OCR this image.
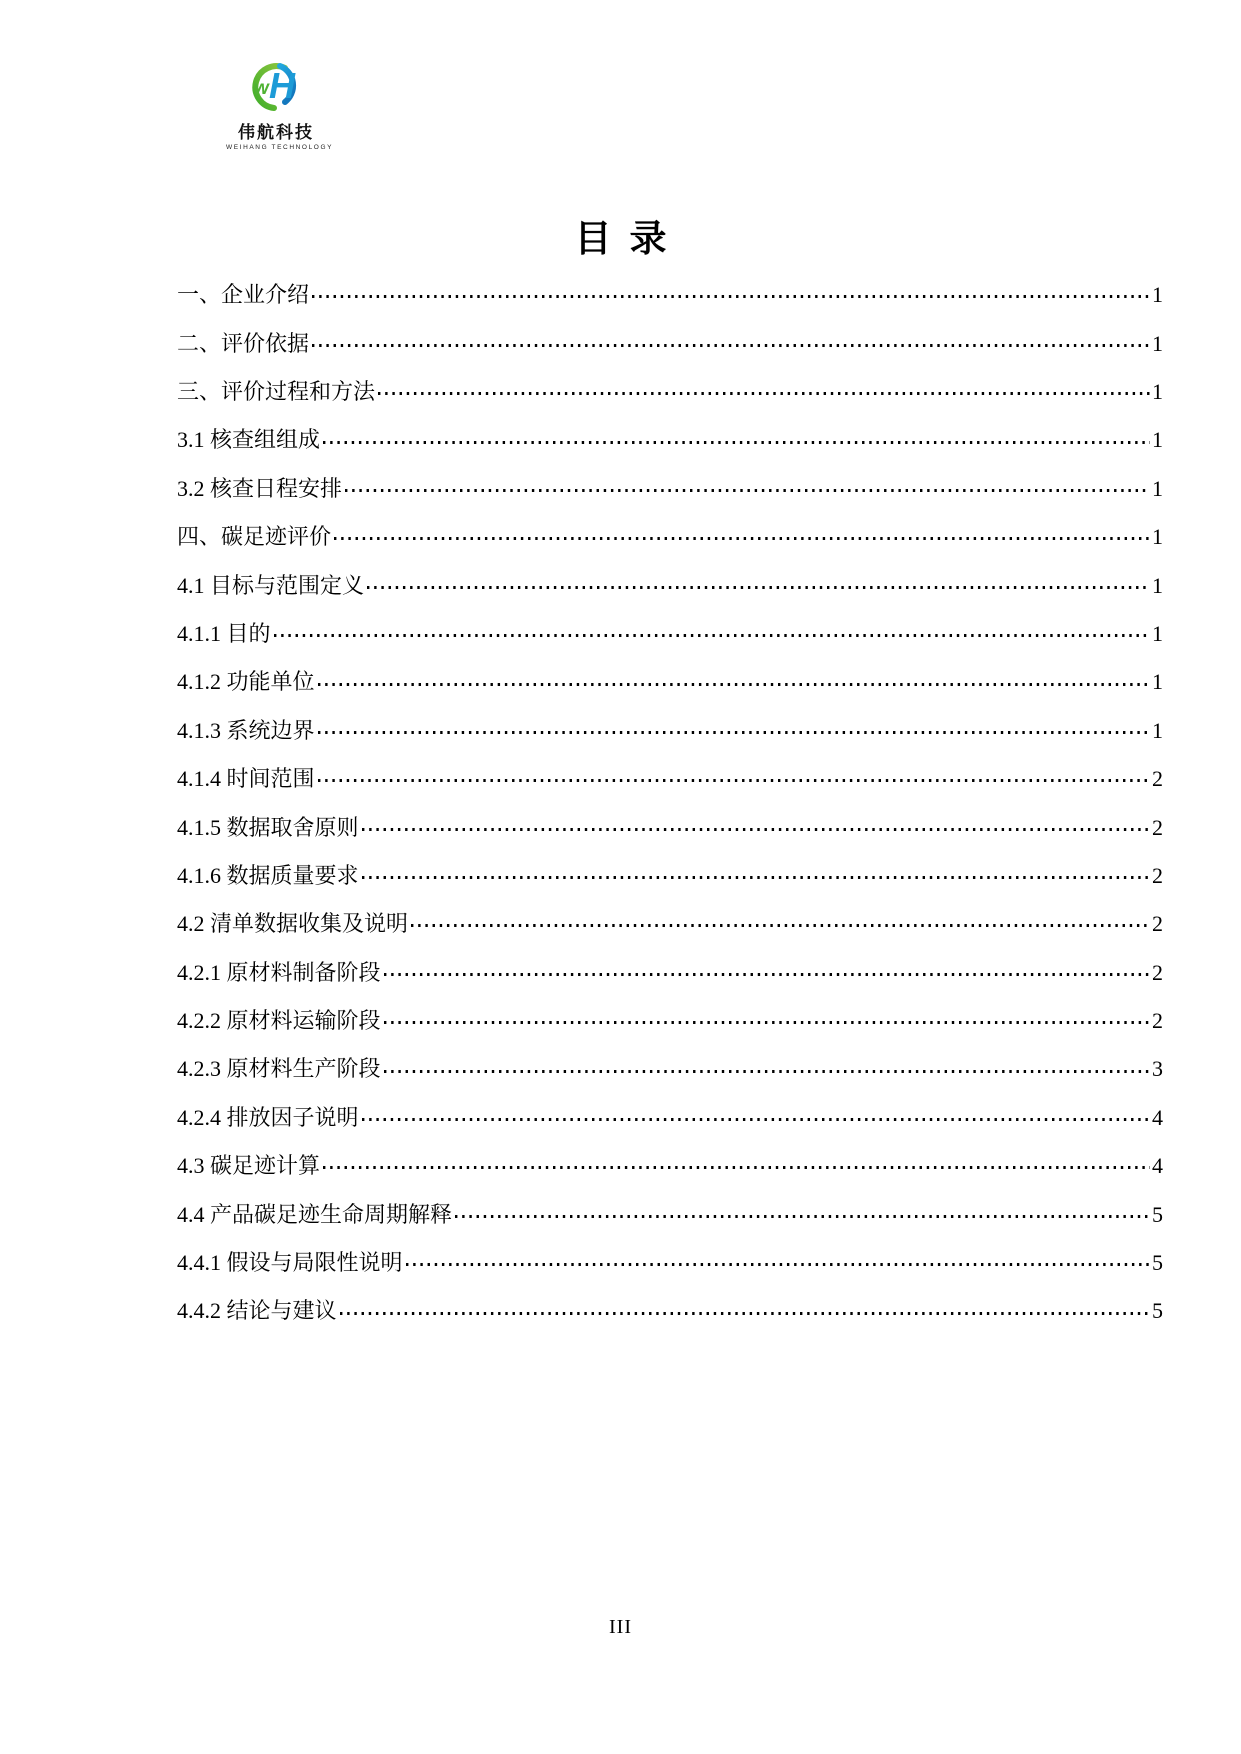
w H
伟航科技
WEIHANG TECHNOLOGY
目录
一、企业介绍	1
二、评价依据	1
三、评价过程和方法	1
3.1 核查组组成	1
3.2 核查日程安排	1
四、碳足迹评价	1
4.1 目标与范围定义	1
4.1.1 目的	1
4.1.2 功能单位	1
4.1.3 系统边界	1
4.1.4 时间范围	2
4.1.5 数据取舍原则	2
4.1.6 数据质量要求	2
4.2 清单数据收集及说明	2
4.2.1 原材料制备阶段	2
4.2.2 原材料运输阶段	2
4.2.3 原材料生产阶段	3
4.2.4 排放因子说明	4
4.3 碳足迹计算	4
4.4 产品碳足迹生命周期解释	5
4.4.1 假设与局限性说明	5
4.4.2 结论与建议	5
III
